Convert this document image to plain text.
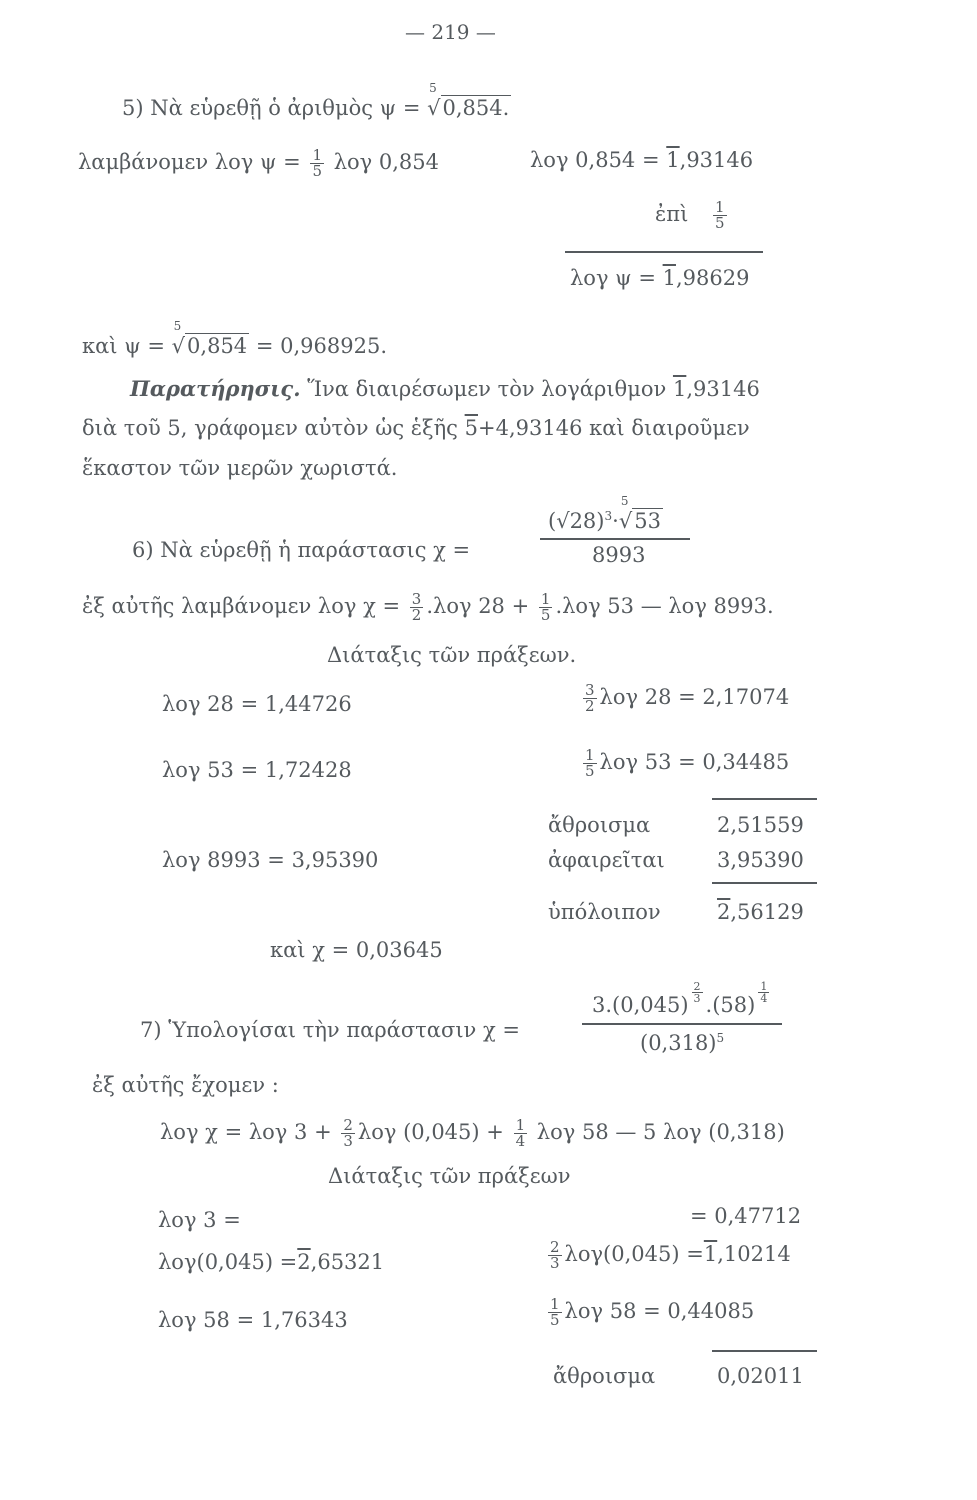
— 219 —
5) Νὰ εὑρεθῇ ὁ ἀριθμὸς ψ =
5
√0,854.
λαμβάνομεν λογ $\psi = \frac{1}{5}$ λογ 0,854	λογ 0,854 = 1,93146
ἐπὶ $\frac{1}{5}$
λογ ψ = 1,98629
καὶ ψ =
5
√0,854 = 0,968925.
Παρατήρησις. Ἵνα διαιρέσωμεν τὸν λογάριθμον 1,93146
διὰ τοῦ 5, γράφομεν αὐτὸν ὡς ἑξῆς 5+4,93146 καὶ διαιροῦμεν
ἕκαστον τῶν μερῶν χωριστά.
6) Νὰ εὑρεθῇ ἡ παράστασις χ =
$(√28)^3\cdot$
5
√53
8993
ἐξ αὐτῆς λαμβάνομεν λογ $\chi = \frac{3}{2} .\lambda o\gamma$ $28 + \frac{1}{5} .\lambda o\gamma$ 53 — λογ 8993.
Διάταξις τῶν πράξεων.
λογ 28 = 1,44726	$\frac{3}{2}$ λογ 28 = 2,17074
λογ 53 = 1,72428	$\frac{1}{5}$ λογ 53 = 0,34485
ἄθροισμα	2,51559
λογ 8993 = 3,95390	ἀφαιρεῖται 3,95390
ὑπόλοιπον	2,56129
καὶ χ = 0,03645
7) Ὑπολογίσαι τὴν παράστασιν χ =
3.(0,045)
$\frac{2}{3}$
.(58)
$\frac{1}{4}$
$(0,318)^5$
ἐξ αὐτῆς ἔχομεν :
λογ χ = λογ $3 + \frac{2}{3}$ λογ $(0,045) + \frac{1}{4}$ λογ 58 — 5 λογ (0,318)
Διάταξις τῶν πράξεων
λογ 3 =	= 0,47712
λογ(0,045) =2,65321	$\frac{2}{3} \lambda o\gamma(0,045) =1,10214$
λογ 58 = 1,76343	$\frac{1}{5}$ λογ 58 = 0,44085
ἄθροισμα	0,02011
